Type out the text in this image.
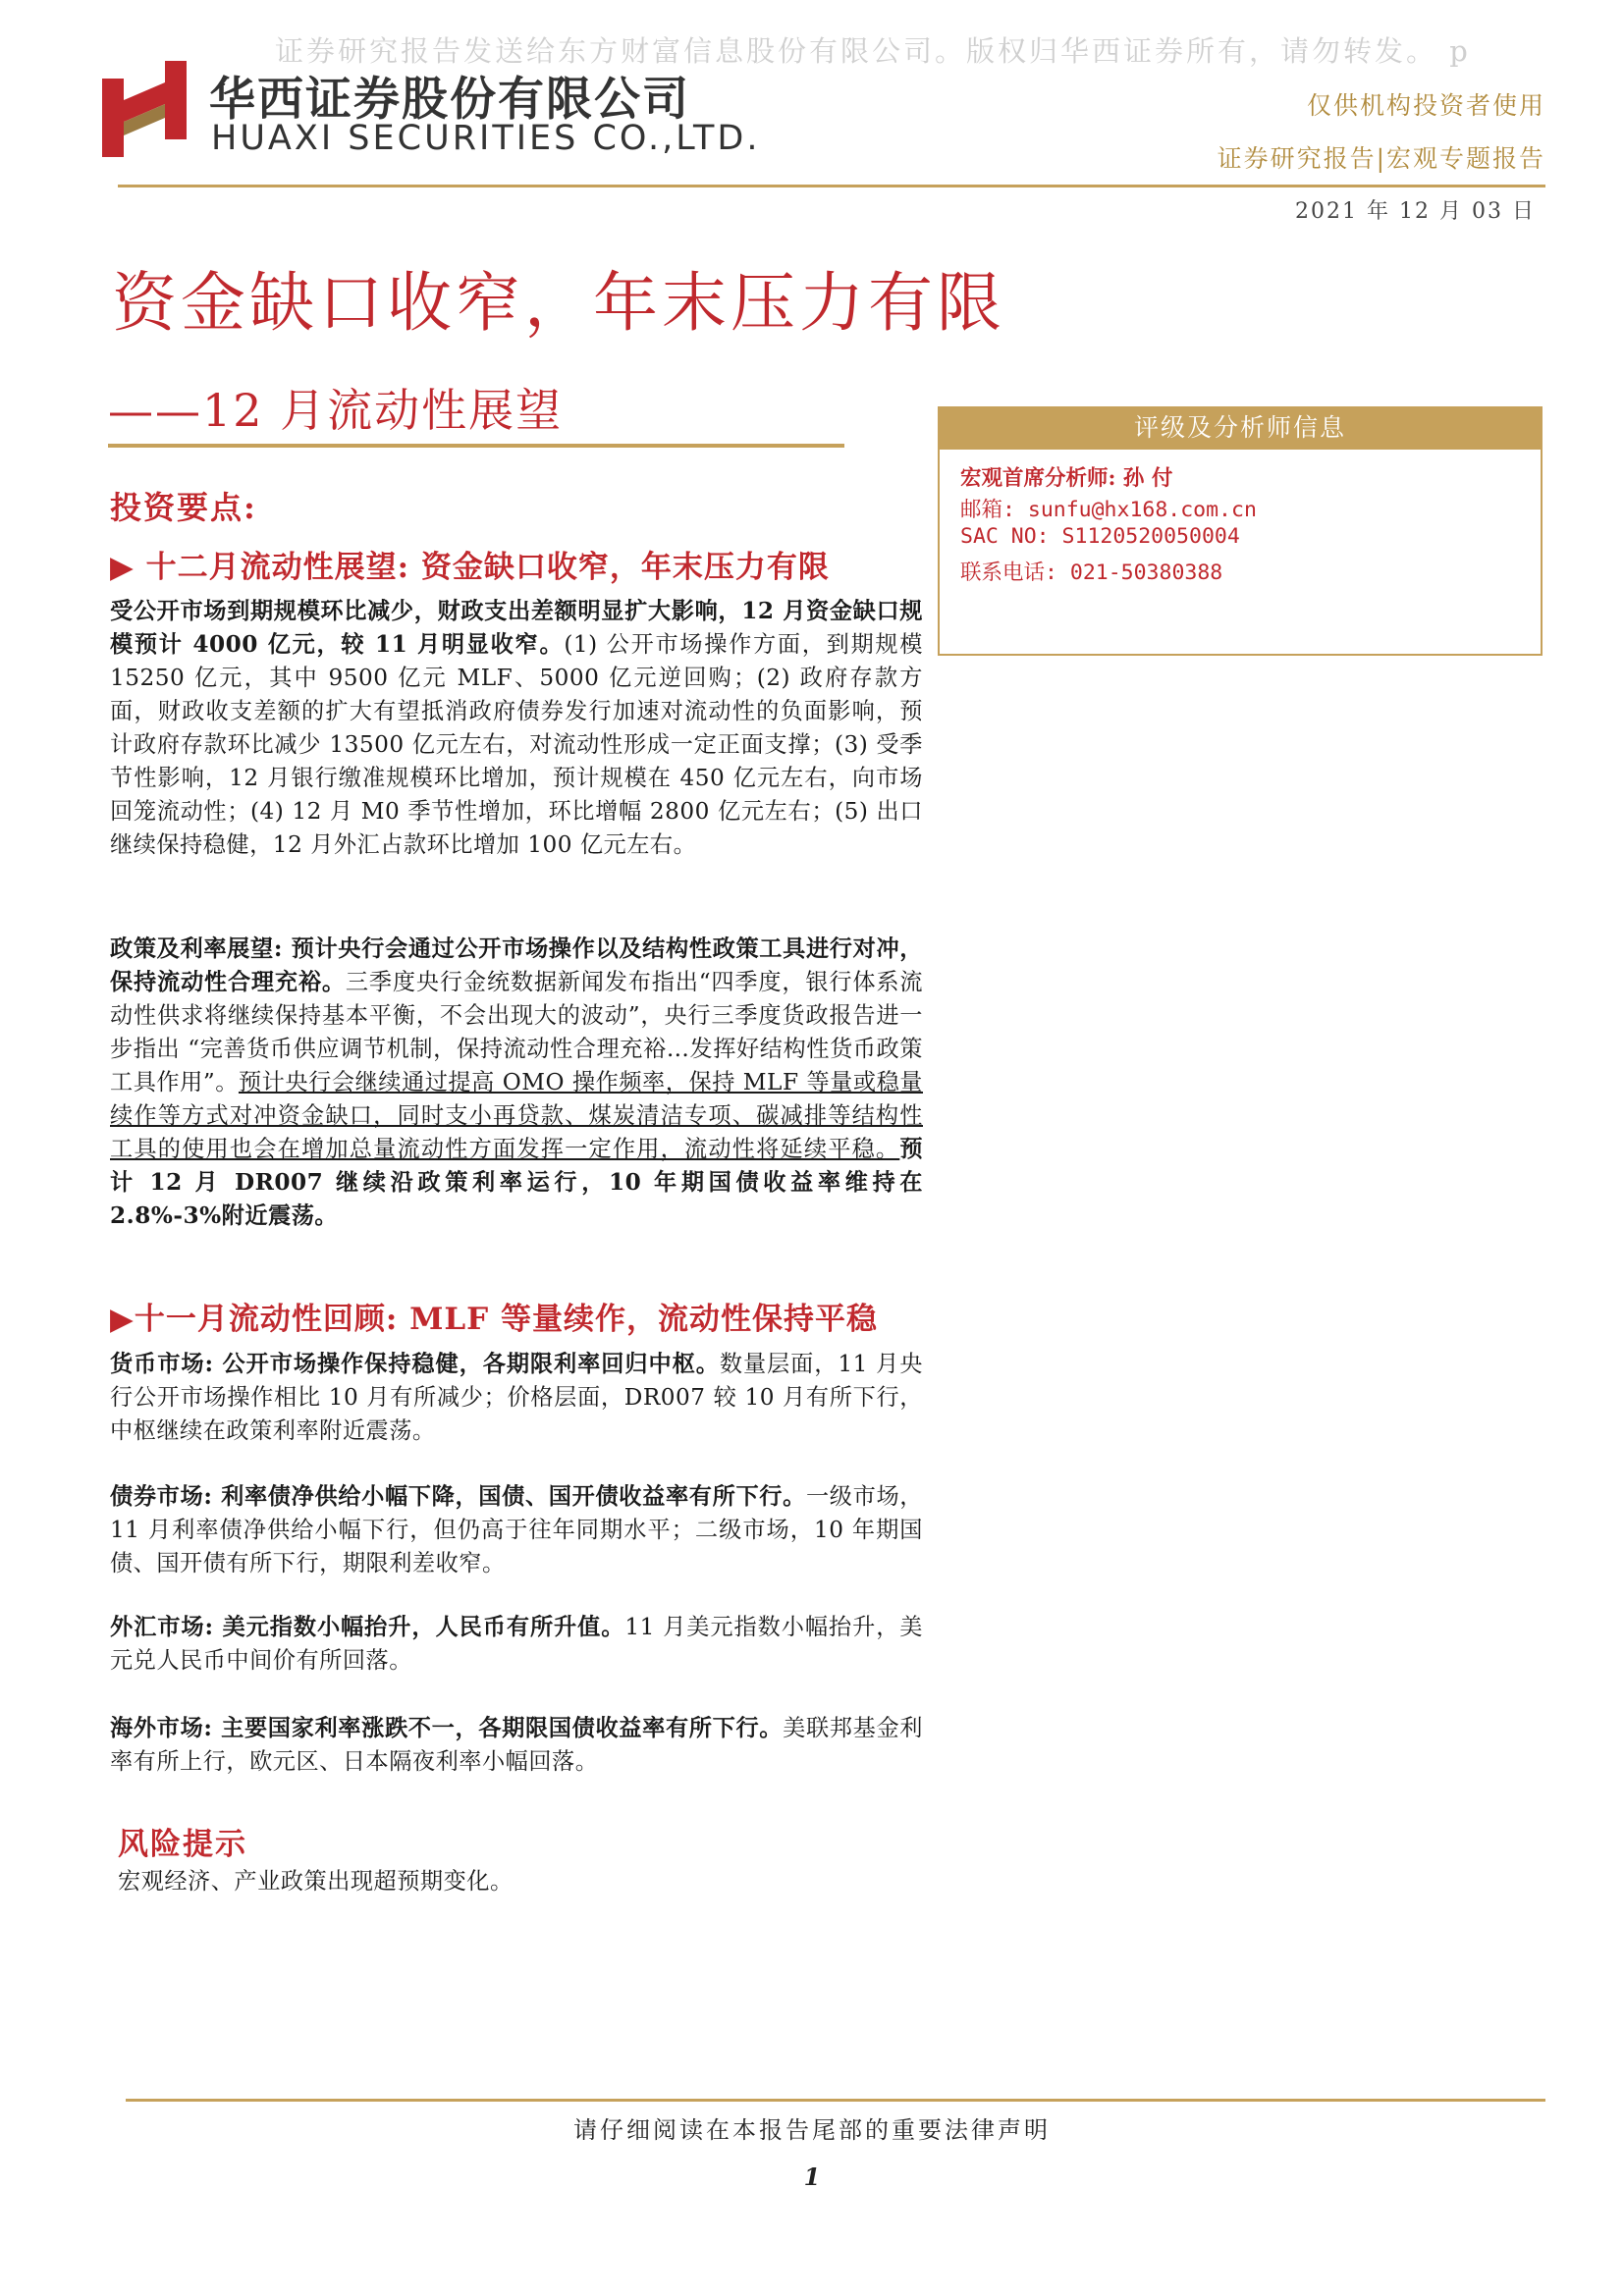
证券研究报告发送给东方财富信息股份有限公司。版权归华西证券所有，请勿转发。 p
华西证券股份有限公司
HUAXI SECURITIES CO.,LTD.
仅供机构投资者使用
证券研究报告|宏观专题报告
2021 年 12 月 03 日
资金缺口收窄，年末压力有限
——12 月流动性展望
投资要点:
▶ 十二月流动性展望: 资金缺口收窄，年末压力有限
受公开市场到期规模环比减少，财政支出差额明显扩大影响，12 月资金缺口规模预计 4000 亿元，较 11 月明显收窄。(1) 公开市场操作方面，到期规模 15250 亿元，其中 9500 亿元 MLF、5000 亿元逆回购；(2) 政府存款方面，财政收支差额的扩大有望抵消政府债券发行加速对流动性的负面影响，预计政府存款环比减少 13500 亿元左右，对流动性形成一定正面支撑；(3) 受季节性影响，12 月银行缴准规模环比增加，预计规模在 450 亿元左右，向市场回笼流动性；(4) 12 月 M0 季节性增加，环比增幅 2800 亿元左右；(5) 出口继续保持稳健，12 月外汇占款环比增加 100 亿元左右。
政策及利率展望: 预计央行会通过公开市场操作以及结构性政策工具进行对冲，保持流动性合理充裕。三季度央行金统数据新闻发布指出“四季度，银行体系流动性供求将继续保持基本平衡，不会出现大的波动”，央行三季度货政报告进一步指出 “完善货币供应调节机制，保持流动性合理充裕…发挥好结构性货币政策工具作用”。预计央行会继续通过提高 OMO 操作频率，保持 MLF 等量或稳量续作等方式对冲资金缺口，同时支小再贷款、煤炭清洁专项、碳减排等结构性工具的使用也会在增加总量流动性方面发挥一定作用，流动性将延续平稳。预计 12 月 DR007 继续沿政策利率运行，10 年期国债收益率维持在 2.8%-3%附近震荡。
▶十一月流动性回顾: MLF 等量续作，流动性保持平稳
货币市场: 公开市场操作保持稳健，各期限利率回归中枢。数量层面，11 月央行公开市场操作相比 10 月有所减少；价格层面，DR007 较 10 月有所下行，中枢继续在政策利率附近震荡。
债券市场: 利率债净供给小幅下降，国债、国开债收益率有所下行。一级市场，11 月利率债净供给小幅下行，但仍高于往年同期水平；二级市场，10 年期国债、国开债有所下行，期限利差收窄。
外汇市场: 美元指数小幅抬升，人民币有所升值。11 月美元指数小幅抬升，美元兑人民币中间价有所回落。
海外市场: 主要国家利率涨跌不一，各期限国债收益率有所下行。美联邦基金利率有所上行，欧元区、日本隔夜利率小幅回落。
风险提示
宏观经济、产业政策出现超预期变化。
评级及分析师信息
宏观首席分析师: 孙 付
邮箱: sunfu@hx168.com.cn
SAC NO: S1120520050004
联系电话: 021-50380388
请仔细阅读在本报告尾部的重要法律声明
1
